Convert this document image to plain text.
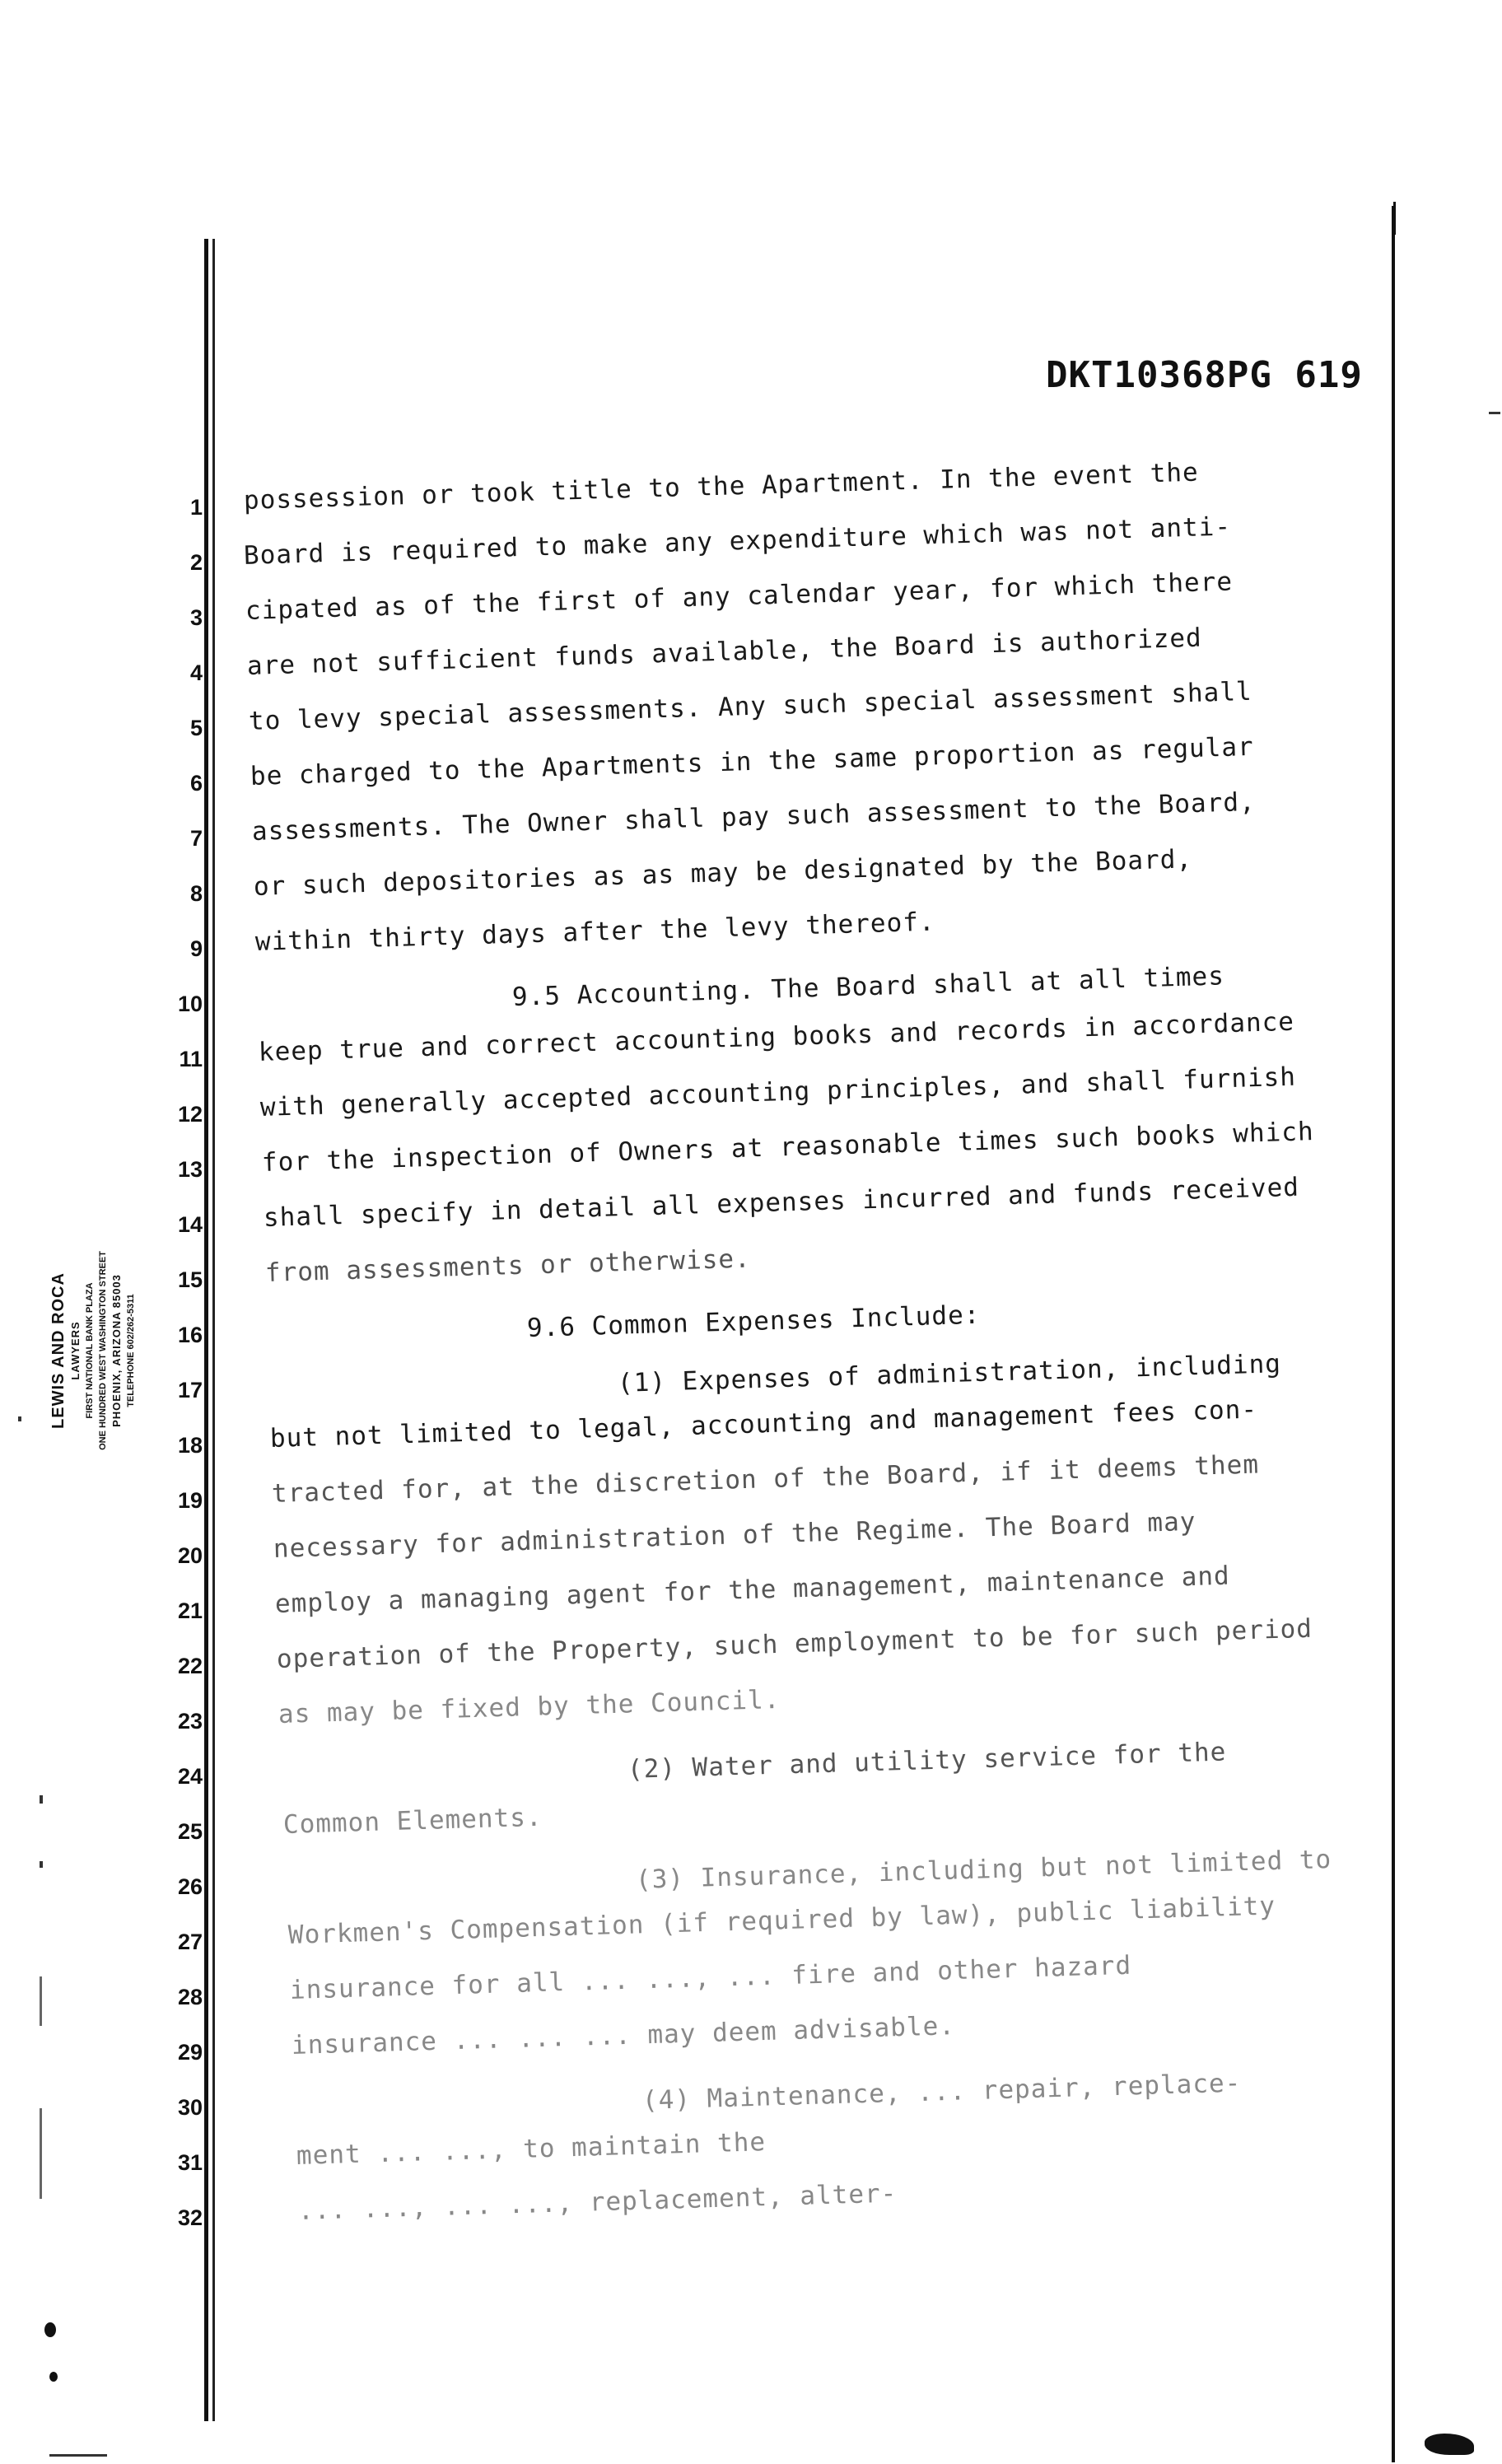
DKT10368PG 619
LEWIS AND ROCA LAWYERS FIRST NATIONAL BANK PLAZA ONE HUNDRED WEST WASHINGTON STREET PHOENIX, ARIZONA 85003 TELEPHONE 602/262-5311
1
2
3
4
5
6
7
8
9
10
11
12
13
14
15
16
17
18
19
20
21
22
23
24
25
26
27
28
29
30
31
32
possession or took title to the Apartment. In the event the
Board is required to make any expenditure which was not anti-
cipated as of the first of any calendar year, for which there
are not sufficient funds available, the Board is authorized
to levy special assessments. Any such special assessment shall
be charged to the Apartments in the same proportion as regular
assessments. The Owner shall pay such assessment to the Board,
or such depositories as as may be designated by the Board,
within thirty days after the levy thereof.
9.5 Accounting. The Board shall at all times
keep true and correct accounting books and records in accordance
with generally accepted accounting principles, and shall furnish
for the inspection of Owners at reasonable times such books which
shall specify in detail all expenses incurred and funds received
from assessments or otherwise.
9.6 Common Expenses Include:
(1) Expenses of administration, including
but not limited to legal, accounting and management fees con-
tracted for, at the discretion of the Board, if it deems them
necessary for administration of the Regime. The Board may
employ a managing agent for the management, maintenance and
operation of the Property, such employment to be for such period
as may be fixed by the Council.
(2) Water and utility service for the
Common Elements.
(3) Insurance, including but not limited to
Workmen's Compensation (if required by law), public liability
insurance for all ... ..., ... fire and other hazard
insurance ... ... ... may deem advisable.
(4) Maintenance, ... repair, replace-
ment ... ..., to maintain the
... ..., ... ..., replacement, alter-
